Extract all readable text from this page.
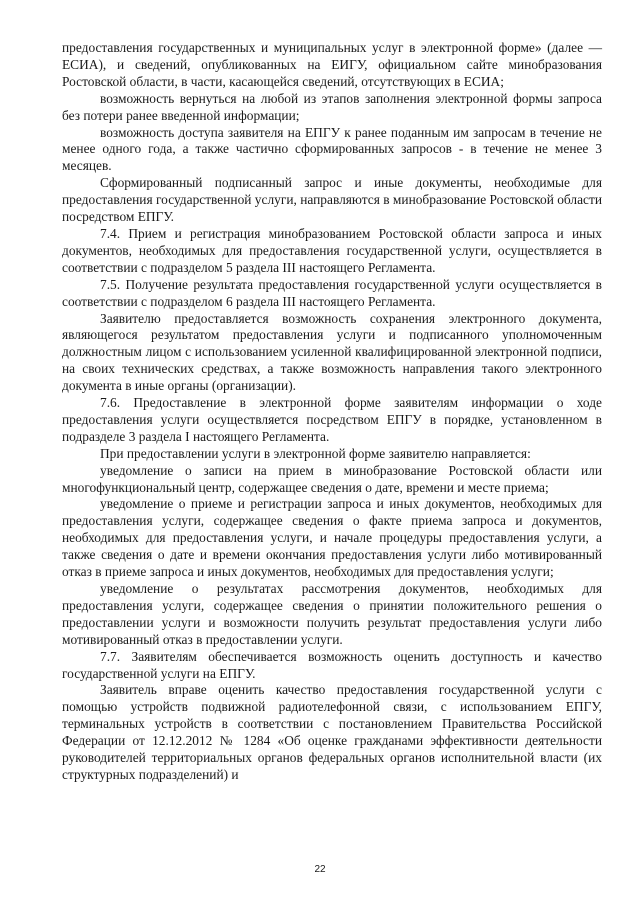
предоставления государственных и муниципальных услуг в электронной форме» (далее — ЕСИА), и сведений, опубликованных на ЕИГУ, официальном сайте минобразования Ростовской области, в части, касающейся сведений, отсутствующих в ЕСИА;

возможность вернуться на любой из этапов заполнения электронной формы запроса без потери ранее введенной информации;

возможность доступа заявителя на ЕПГУ к ранее поданным им запросам в течение не менее одного года, а также частично сформированных запросов - в течение не менее 3 месяцев.

Сформированный подписанный запрос и иные документы, необходимые для предоставления государственной услуги, направляются в минобразование Ростовской области посредством ЕПГУ.

7.4. Прием и регистрация минобразованием Ростовской области запроса и иных документов, необходимых для предоставления государственной услуги, осуществляется в соответствии с подразделом 5 раздела III настоящего Регламента.

7.5. Получение результата предоставления государственной услуги осуществляется в соответствии с подразделом 6 раздела III настоящего Регламента.

Заявителю предоставляется возможность сохранения электронного документа, являющегося результатом предоставления услуги и подписанного уполномоченным должностным лицом с использованием усиленной квалифицированной электронной подписи, на своих технических средствах, а также возможность направления такого электронного документа в иные органы (организации).

7.6. Предоставление в электронной форме заявителям информации о ходе предоставления услуги осуществляется посредством ЕПГУ в порядке, установленном в подразделе 3 раздела I настоящего Регламента.

При предоставлении услуги в электронной форме заявителю направляется:

уведомление о записи на прием в минобразование Ростовской области или многофункциональный центр, содержащее сведения о дате, времени и месте приема;

уведомление о приеме и регистрации запроса и иных документов, необходимых для предоставления услуги, содержащее сведения о факте приема запроса и документов, необходимых для предоставления услуги, и начале процедуры предоставления услуги, а также сведения о дате и времени окончания предоставления услуги либо мотивированный отказ в приеме запроса и иных документов, необходимых для предоставления услуги;

уведомление о результатах рассмотрения документов, необходимых для предоставления услуги, содержащее сведения о принятии положительного решения о предоставлении услуги и возможности получить результат предоставления услуги либо мотивированный отказ в предоставлении услуги.

7.7. Заявителям обеспечивается возможность оценить доступность и качество государственной услуги на ЕПГУ.

Заявитель вправе оценить качество предоставления государственной услуги с помощью устройств подвижной радиотелефонной связи, с использованием ЕПГУ, терминальных устройств в соответствии с постановлением Правительства Российской Федерации от 12.12.2012 № 1284 «Об оценке гражданами эффективности деятельности руководителей территориальных органов федеральных органов исполнительной власти (их структурных подразделений) и

22
